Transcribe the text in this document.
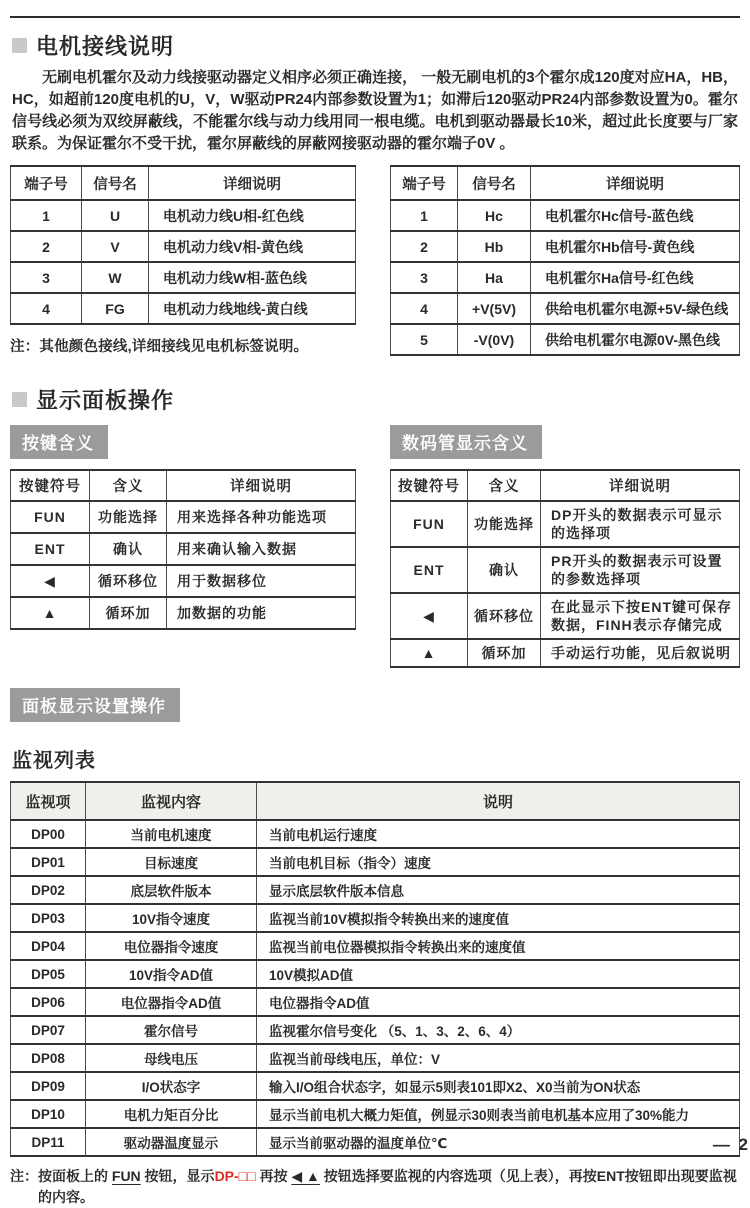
电机接线说明

无刷电机霍尔及动力线接驱动器定义相序必须正确连接， 一般无刷电机的3个霍尔成120度对应HA，HB，HC，如超前120度电机的U，V，W驱动PR24内部参数设置为1；如滞后120驱动PR24内部参数设置为0。霍尔信号线必须为双绞屏蔽线，不能霍尔线与动力线用同一根电缆。电机到驱动器最长10米，超过此长度要与厂家联系。为保证霍尔不受干扰，霍尔屏蔽线的屏蔽网接驱动器的霍尔端子0V 。

端子号	信号名	详细说明
1	U	电机动力线U相-红色线
2	V	电机动力线V相-黄色线
3	W	电机动力线W相-蓝色线
4	FG	电机动力线地线-黄白线
注：其他颜色接线,详细接线见电机标签说明。
端子号	信号名	详细说明
1	Hc	电机霍尔Hc信号-蓝色线
2	Hb	电机霍尔Hb信号-黄色线
3	Ha	电机霍尔Ha信号-红色线
4	+V(5V)	供给电机霍尔电源+5V-绿色线
5	-V(0V)	供给电机霍尔电源0V-黑色线
显示面板操作
按键含义
按键符号	含义	详细说明
FUN	功能选择	用来选择各种功能选项
ENT	确认	用来确认输入数据
◀	循环移位	用于数据移位
▲	循环加	加数据的功能
数码管显示含义
按键符号	含义	详细说明
FUN	功能选择	DP开头的数据表示可显示的选择项
ENT	确认	PR开头的数据表示可设置的参数选择项
◀	循环移位	在此显示下按ENT键可保存数据，FINH表示存储完成
▲	循环加	手动运行功能，见后叙说明
面板显示设置操作
监视列表
监视项	监视内容	说明
DP00	当前电机速度	当前电机运行速度
DP01	目标速度	当前电机目标（指令）速度
DP02	底层软件版本	显示底层软件版本信息
DP03	10V指令速度	监视当前10V模拟指令转换出来的速度值
DP04	电位器指令速度	监视当前电位器模拟指令转换出来的速度值
DP05	10V指令AD值	10V模拟AD值
DP06	电位器指令AD值	电位器指令AD值
DP07	霍尔信号	监视霍尔信号变化 （5、1、3、2、6、4）
DP08	母线电压	监视当前母线电压，单位：V
DP09	I/O状态字	输入I/O组合状态字，如显示5则表101即X2、X0当前为ON状态
DP10	电机力矩百分比	显示当前电机大概力矩值，例显示30则表当前电机基本应用了30%能力
DP11	驱动器温度显示	显示当前驱动器的温度单位℃
注： 按面板上的 FUN 按钮，显示DP-□□ 再按 ◀ ▲ 按钮选择要监视的内容选项（见上表），再按ENT按钮即出现要监视的内容。
— 2
